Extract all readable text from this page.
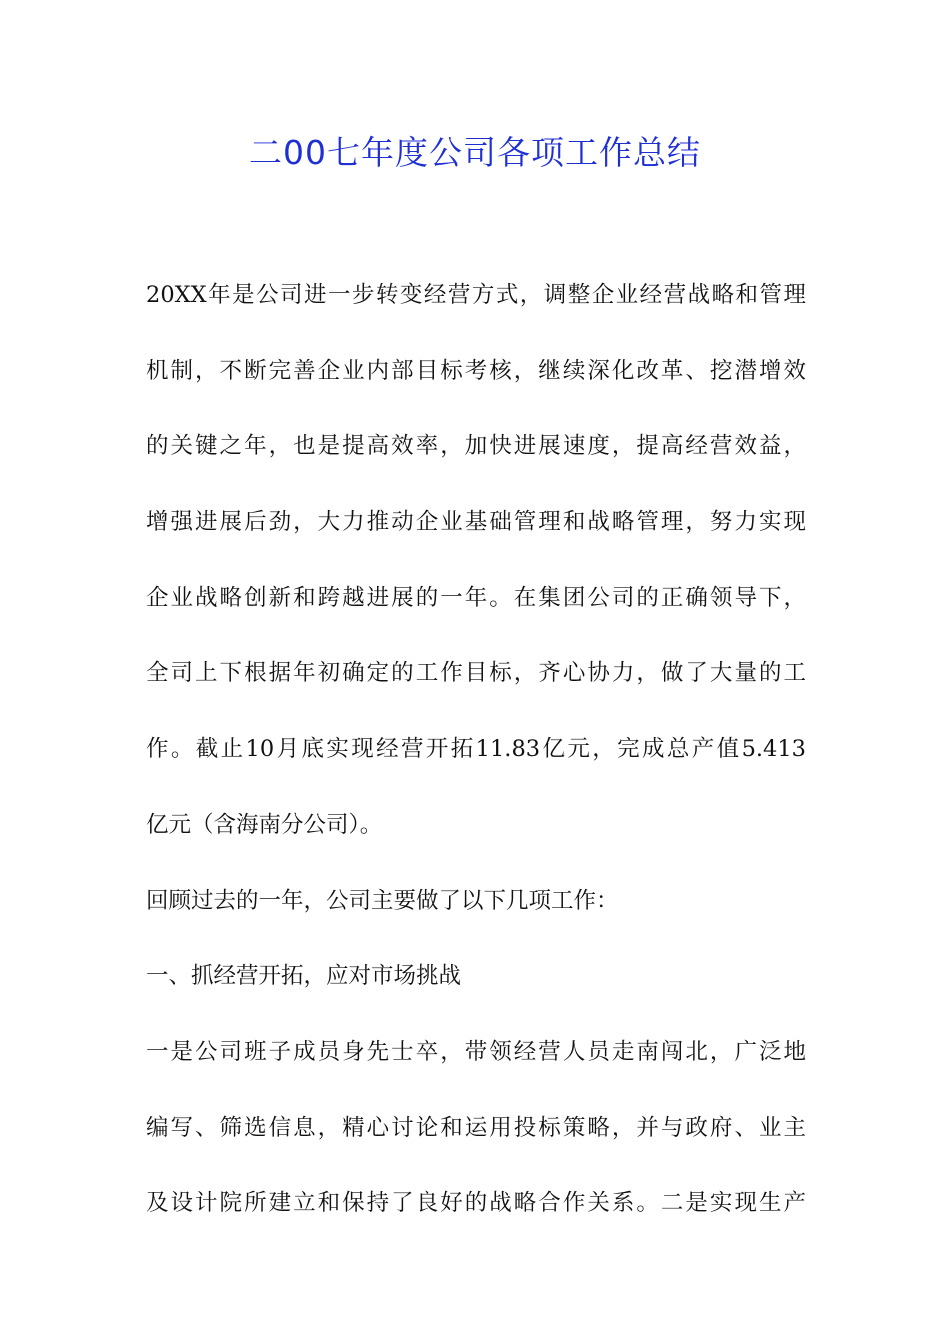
二00七年度公司各项工作总结

20XX年是公司进一步转变经营方式，调整企业经营战略和管理

机制，不断完善企业内部目标考核，继续深化改革、挖潜增效

的关键之年，也是提高效率，加快进展速度，提高经营效益，

增强进展后劲，大力推动企业基础管理和战略管理，努力实现

企业战略创新和跨越进展的一年。在集团公司的正确领导下，

全司上下根据年初确定的工作目标，齐心协力，做了大量的工

作。截止10月底实现经营开拓11.83亿元，完成总产值5.413

亿元（含海南分公司）。

回顾过去的一年，公司主要做了以下几项工作：

一、抓经营开拓，应对市场挑战

一是公司班子成员身先士卒，带领经营人员走南闯北，广泛地

编写、筛选信息，精心讨论和运用投标策略，并与政府、业主

及设计院所建立和保持了良好的战略合作关系。二是实现生产
